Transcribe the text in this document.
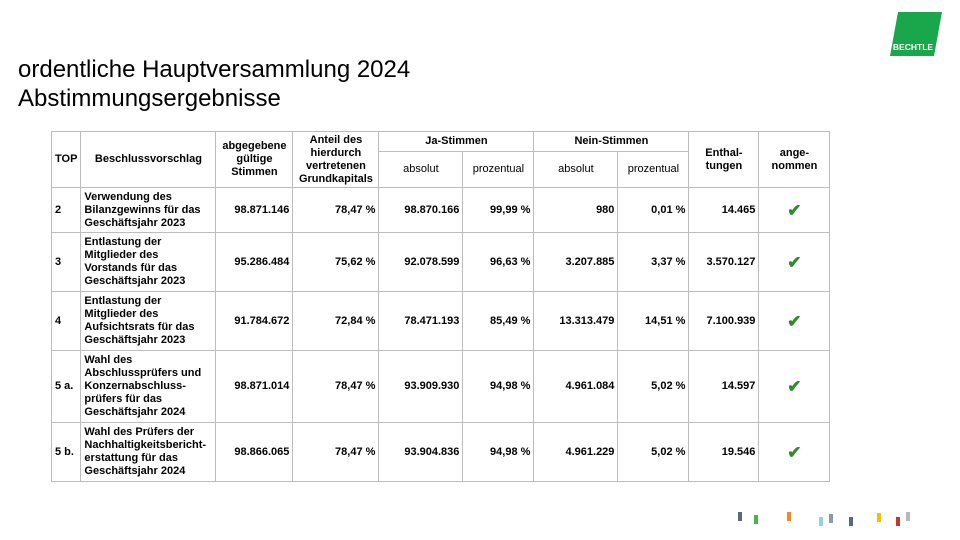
BECHTLE
ordentliche Hauptversammlung 2024
Abstimmungsergebnisse
TOP	Beschlussvorschlag	abgegebene gültige Stimmen	Anteil des hierdurch vertretenen Grundkapitals	Ja-Stimmen		Nein-Stimmen		Enthal-tungen	ange-nommen
				absolut	prozentual	absolut	prozentual		
2	Verwendung des Bilanzgewinns für das Geschäftsjahr 2023	98.871.146	78,47 %	98.870.166	99,99 %	980	0,01 %	14.465	✔
3	Entlastung der Mitglieder des Vorstands für das Geschäftsjahr 2023	95.286.484	75,62 %	92.078.599	96,63 %	3.207.885	3,37 %	3.570.127	✔
4	Entlastung der Mitglieder des Aufsichtsrats für das Geschäftsjahr 2023	91.784.672	72,84 %	78.471.193	85,49 %	13.313.479	14,51 %	7.100.939	✔
5 a.	Wahl des Abschlussprüfers und Konzernabschluss-prüfers für das Geschäftsjahr 2024	98.871.014	78,47 %	93.909.930	94,98 %	4.961.084	5,02 %	14.597	✔
5 b.	Wahl des Prüfers der Nachhaltigkeitsbericht-erstattung für das Geschäftsjahr 2024	98.866.065	78,47 %	93.904.836	94,98 %	4.961.229	5,02 %	19.546	✔
